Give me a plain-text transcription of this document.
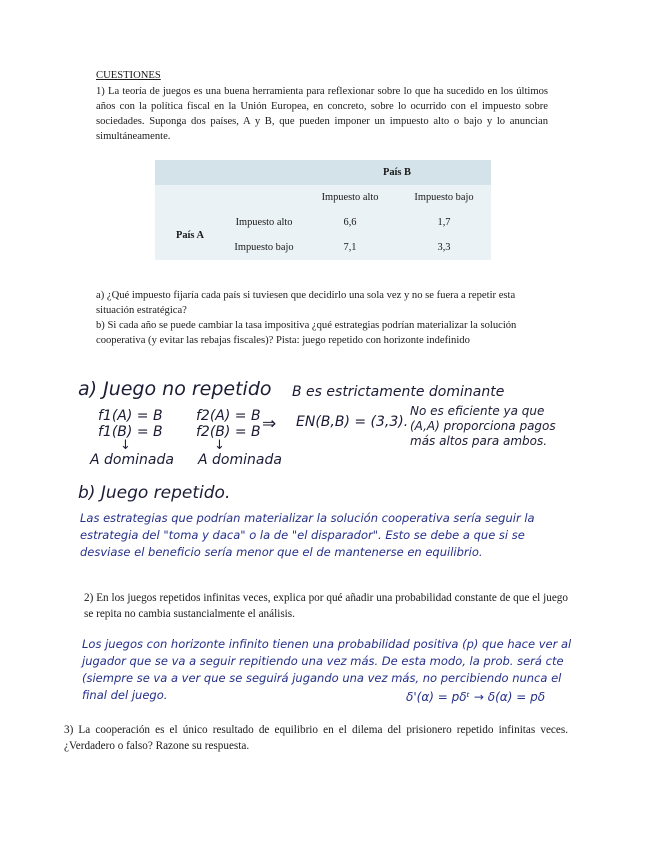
CUESTIONES
1) La teoría de juegos es una buena herramienta para reflexionar sobre lo que ha sucedido en los últimos años con la política fiscal en la Unión Europea, en concreto, sobre lo ocurrido con el impuesto sobre sociedades. Suponga dos países, A y B, que pueden imponer un impuesto alto o bajo y lo anuncian simultáneamente.
		País B	
		Impuesto alto	Impuesto bajo
País A	Impuesto alto	6,6	1,7
	Impuesto bajo	7,1	3,3
a) ¿Qué impuesto fijaría cada país si tuviesen que decidirlo una sola vez y no se fuera a repetir esta situación estratégica?
b) Si cada año se puede cambiar la tasa impositiva ¿qué estrategias podrían materializar la solución cooperativa (y evitar las rebajas fiscales)? Pista: juego repetido con horizonte indefinido
a) Juego no repetido
f1(A) = B
f1(B) = B
↓
A dominada
f2(A) = B
f2(B) = B
↓
A dominada
⇒
B es estrictamente dominante
EN(B,B) = (3,3).
No es eficiente ya que (A,A) proporciona pagos más altos para ambos.
b) Juego repetido.
Las estrategias que podrían materializar la solución cooperativa sería seguir la estrategia del "toma y daca" o la de "el disparador". Esto se debe a que si se desviase el beneficio sería menor que el de mantenerse en equilibrio.
2) En los juegos repetidos infinitas veces, explica por qué añadir una probabilidad constante de que el juego se repita no cambia sustancialmente el análisis.
Los juegos con horizonte infinito tienen una probabilidad positiva (p) que hace ver al jugador que se va a seguir repitiendo una vez más. De esta modo, la prob. será cte (siempre se va a ver que se seguirá jugando una vez más, no percibiendo nunca el final del juego.	δ'(α) = pδᵗ → δ(α) = pδ
3) La cooperación es el único resultado de equilibrio en el dilema del prisionero repetido infinitas veces. ¿Verdadero o falso? Razone su respuesta.
